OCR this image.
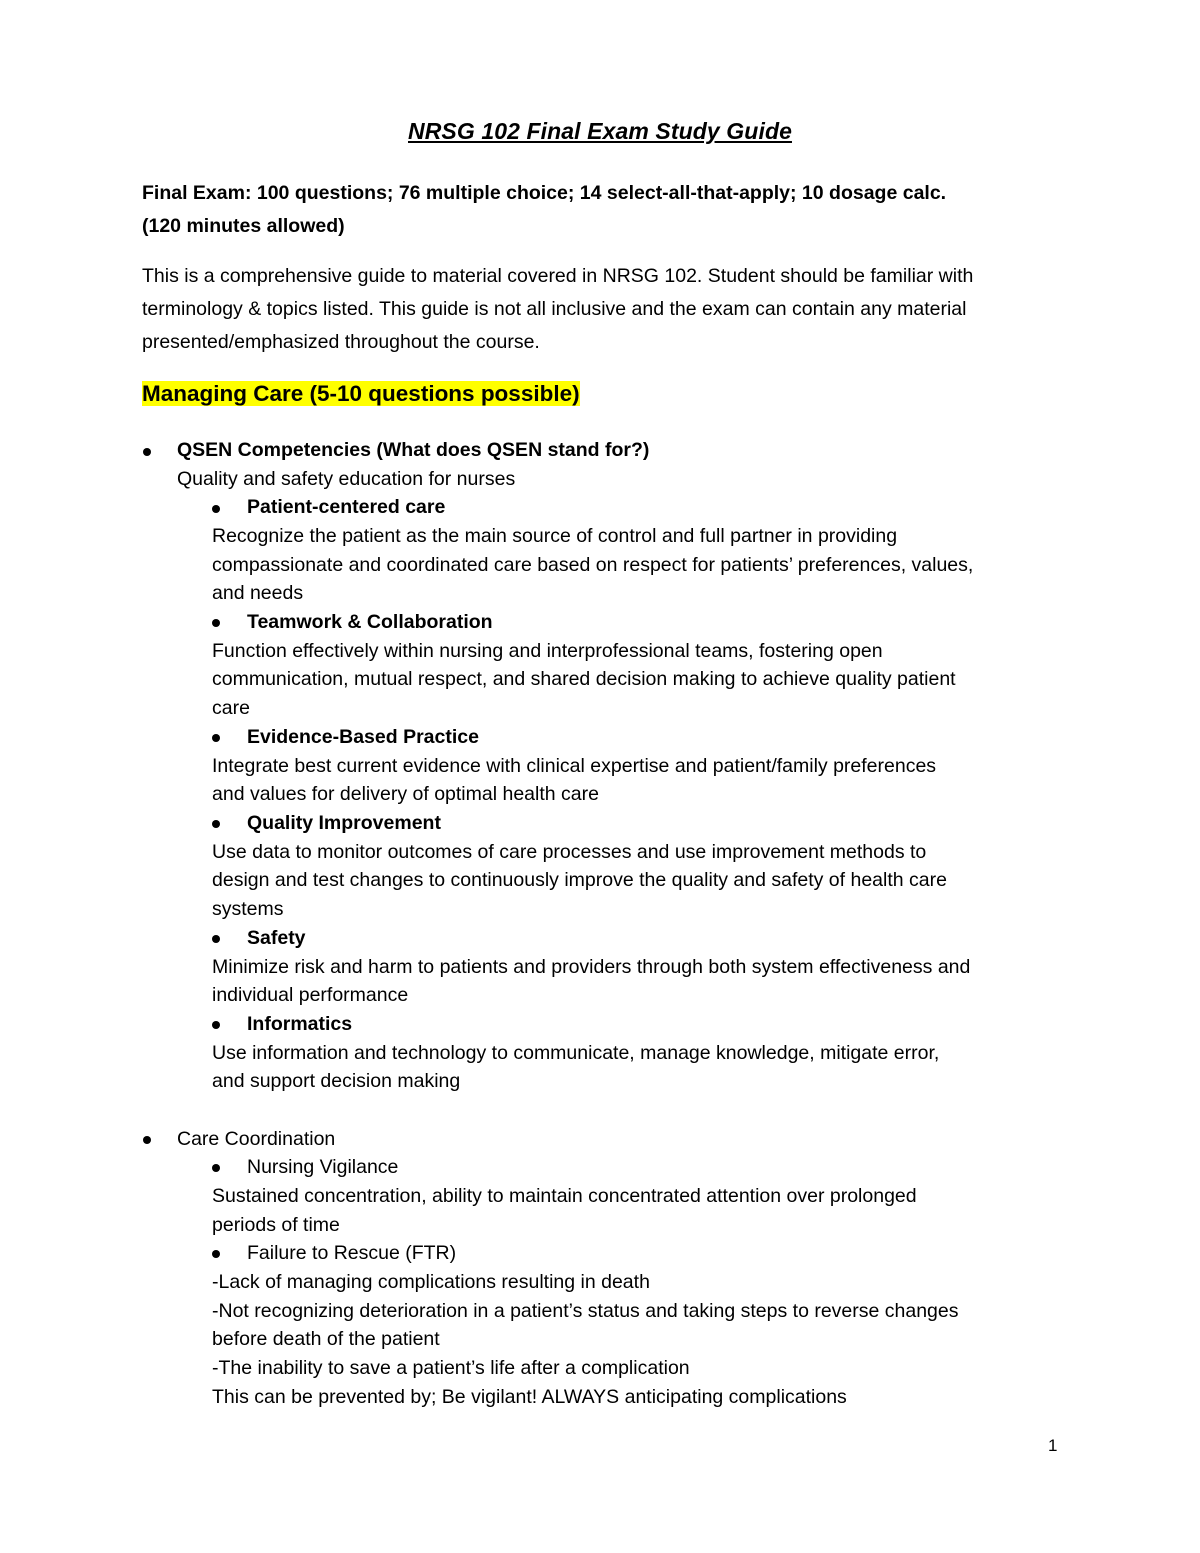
NRSG 102 Final Exam Study Guide
Final Exam: 100 questions; 76 multiple choice; 14 select-all-that-apply; 10 dosage calc.
(120 minutes allowed)
This is a comprehensive guide to material covered in NRSG 102. Student should be familiar with terminology & topics listed. This guide is not all inclusive and the exam can contain any material presented/emphasized throughout the course.
Managing Care (5-10 questions possible)
QSEN Competencies (What does QSEN stand for?)
Quality and safety education for nurses
Patient-centered care
Recognize the patient as the main source of control and full partner in providing
compassionate and coordinated care based on respect for patients’ preferences, values,
and needs
Teamwork & Collaboration
Function effectively within nursing and interprofessional teams, fostering open
communication, mutual respect, and shared decision making to achieve quality patient
care
Evidence-Based Practice
Integrate best current evidence with clinical expertise and patient/family preferences
and values for delivery of optimal health care
Quality Improvement
Use data to monitor outcomes of care processes and use improvement methods to
design and test changes to continuously improve the quality and safety of health care
systems
Safety
Minimize risk and harm to patients and providers through both system effectiveness and
individual performance
Informatics
Use information and technology to communicate, manage knowledge, mitigate error,
and support decision making
Care Coordination
Nursing Vigilance
Sustained concentration, ability to maintain concentrated attention over prolonged
periods of time
Failure to Rescue (FTR)
-Lack of managing complications resulting in death
-Not recognizing deterioration in a patient’s status and taking steps to reverse changes
before death of the patient
-The inability to save a patient’s life after a complication
This can be prevented by; Be vigilant! ALWAYS anticipating complications
1
